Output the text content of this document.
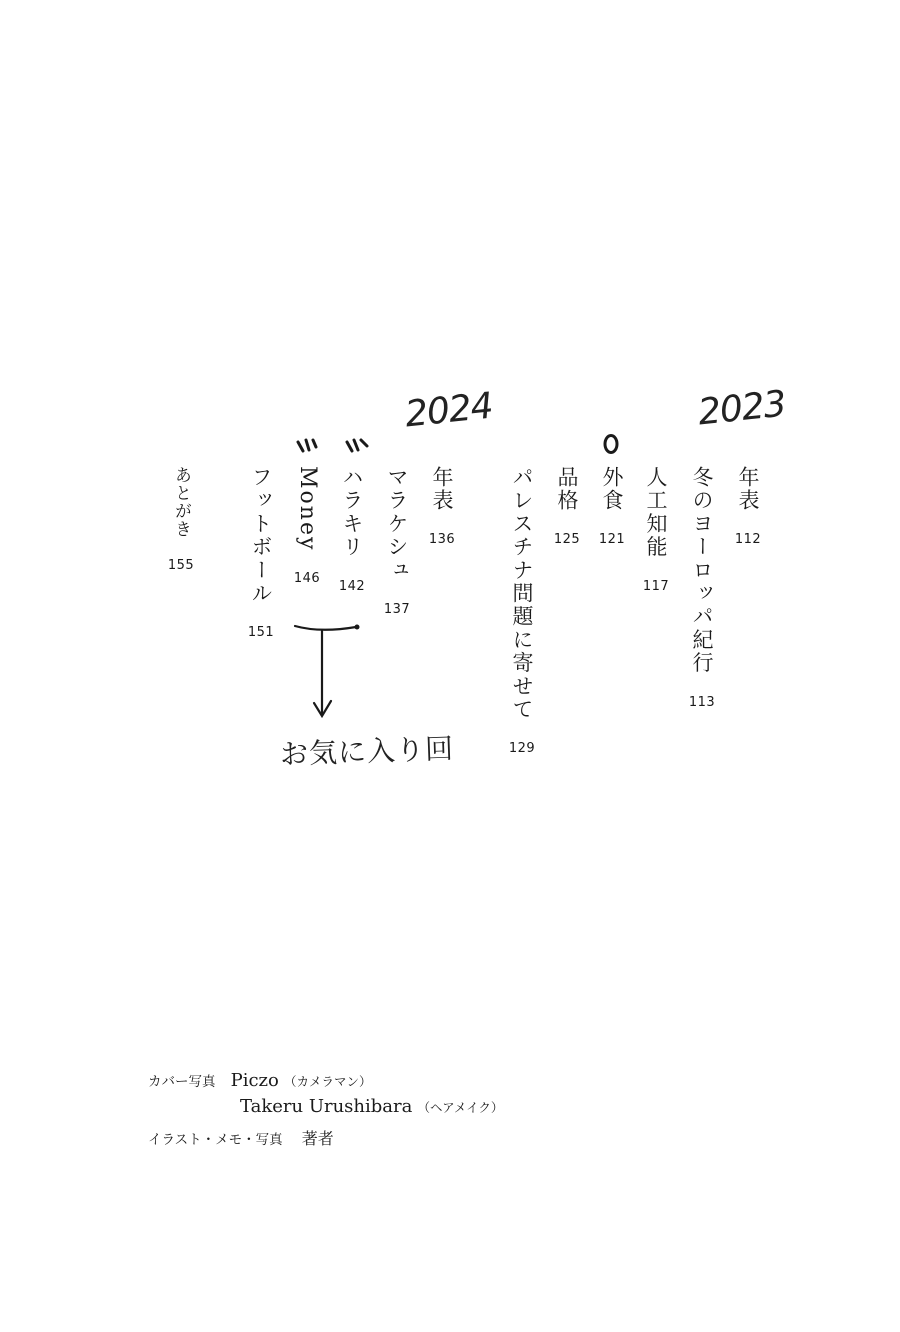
2023
2024
年表
112
冬のヨーロッパ紀行
113
人工知能
117
外食
121
品格
125
パレスチナ問題に寄せて
129
年表
136
マラケシュ
137
ハラキリ
142
Money
146
フットボール
151
あとがき
155
お気に入り回
カバー写真 Piczo （カメラマン）
Takeru Urushibara （ヘアメイク）
イラスト・メモ・写真 著者
